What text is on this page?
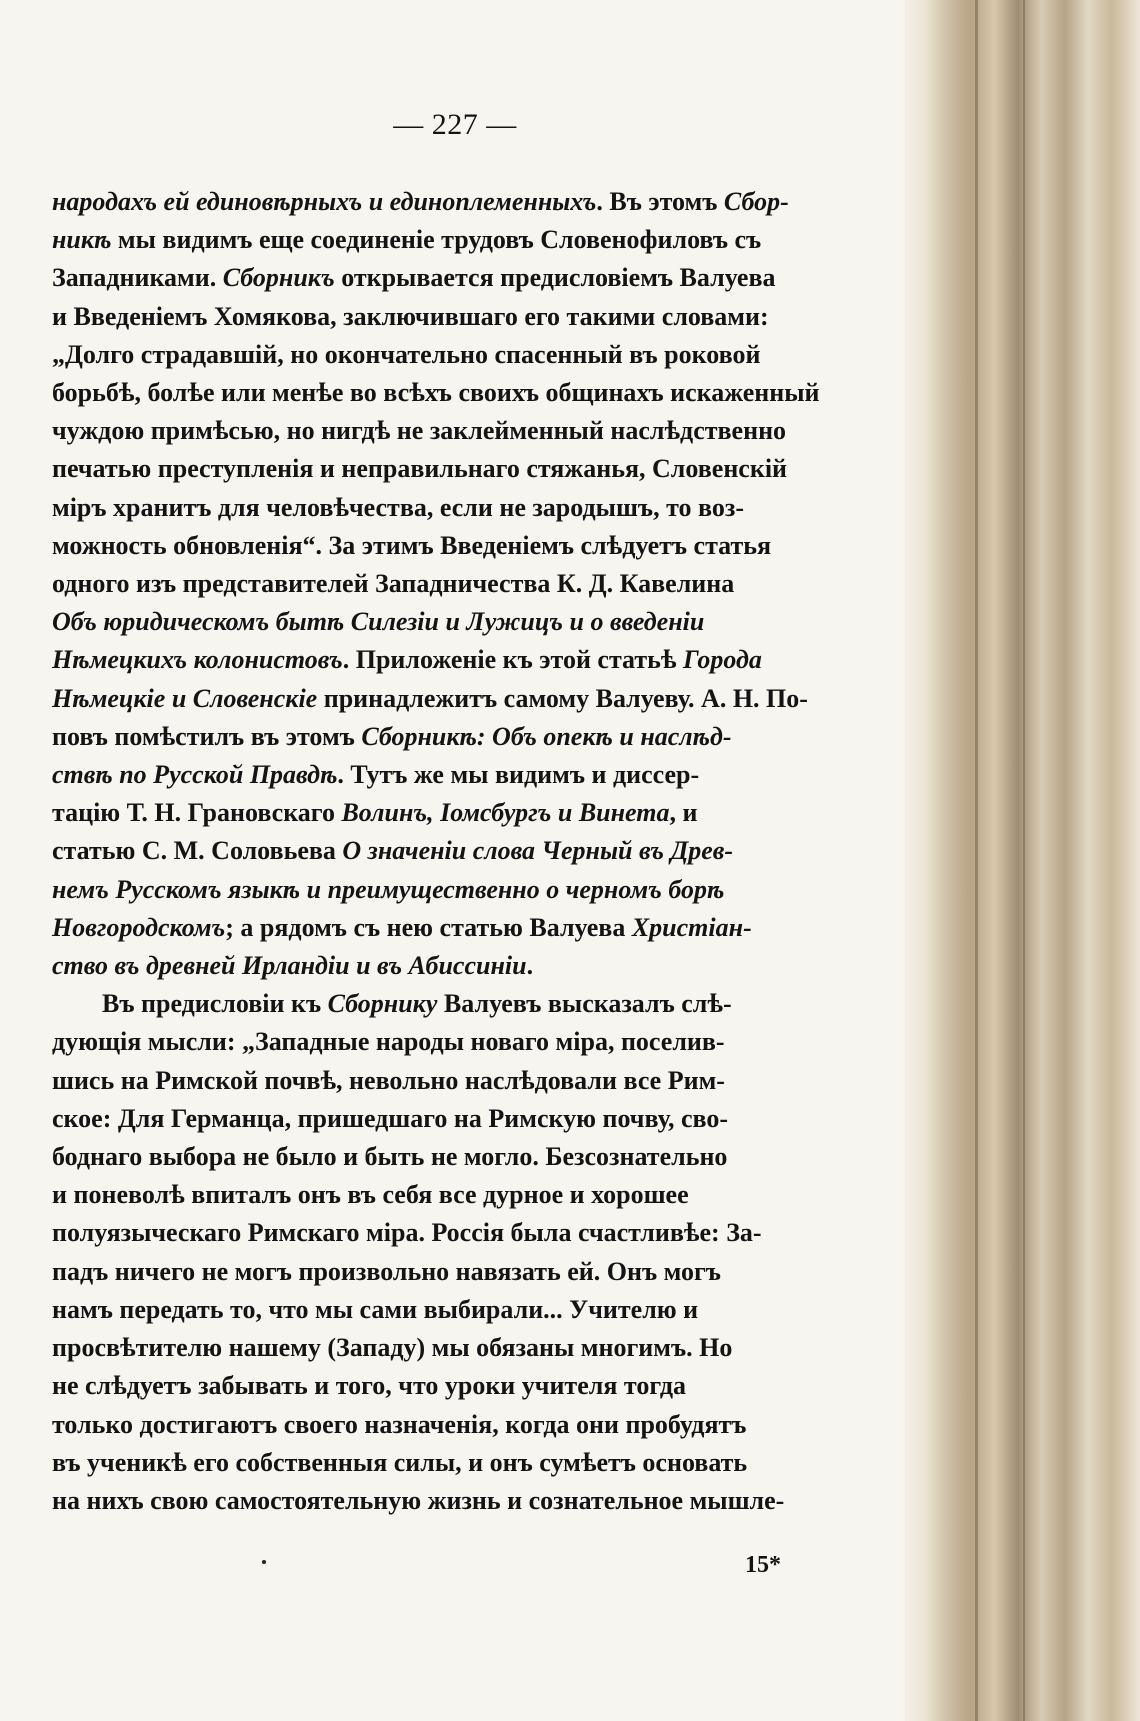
— 227 —

народахъ ей единовѣрныхъ и единоплеменныхъ. Въ этомъ Сбор-
никѣ мы видимъ еще соединеніе трудовъ Словенофиловъ съ
Западниками. Сборникъ открывается предисловіемъ Валуева
и Введеніемъ Хомякова, заключившаго его такими словами:
„Долго страдавшій, но окончательно спасенный въ роковой
борьбѣ, болѣе или менѣе во всѣхъ своихъ общинахъ искаженный
чуждою примѣсью, но нигдѣ не заклейменный наслѣдственно
печатью преступленія и неправильнаго стяжанья, Словенскій
міръ хранитъ для человѣчества, если не зародышъ, то воз-
можность обновленія“. За этимъ Введеніемъ слѣдуетъ статья
одного изъ представителей Западничества К. Д. Кавелина
Объ юридическомъ бытѣ Силезіи и Лужицъ и о введеніи
Нѣмецкихъ колонистовъ. Приложеніе къ этой статьѣ Города
Нѣмецкіе и Словенскіе принадлежитъ самому Валуеву. А. Н. По-
повъ помѣстилъ въ этомъ Сборникѣ: Объ опекѣ и наслѣд-
ствѣ по Русской Правдѣ. Тутъ же мы видимъ и диссер-
тацію Т. Н. Грановскаго Волинъ, Іомсбургъ и Винета, и
статью С. М. Соловьева О значеніи слова Черный въ Древ-
немъ Русскомъ языкѣ и преимущественно о черномъ борѣ
Новгородскомъ; а рядомъ съ нею статью Валуева Христіан-
ство въ древней Ирландіи и въ Абиссиніи.

Въ предисловіи къ Сборнику Валуевъ высказалъ слѣ-
дующія мысли: „Западные народы новаго міра, поселив-
шись на Римской почвѣ, невольно наслѣдовали все Рим-
ское: Для Германца, пришедшаго на Римскую почву, сво-
боднаго выбора не было и быть не могло. Безсознательно
и поневолѣ впиталъ онъ въ себя все дурное и хорошее
полуязыческаго Римскаго міра. Россія была счастливѣе: За-
падъ ничего не могъ произвольно навязать ей. Онъ могъ
намъ передать то, что мы сами выбирали... Учителю и
просвѣтителю нашему (Западу) мы обязаны многимъ. Но
не слѣдуетъ забывать и того, что уроки учителя тогда
только достигаютъ своего назначенія, когда они пробудятъ
въ ученикѣ его собственныя силы, и онъ сумѣетъ основать
на нихъ свою самостоятельную жизнь и сознательное мышле-

15*
